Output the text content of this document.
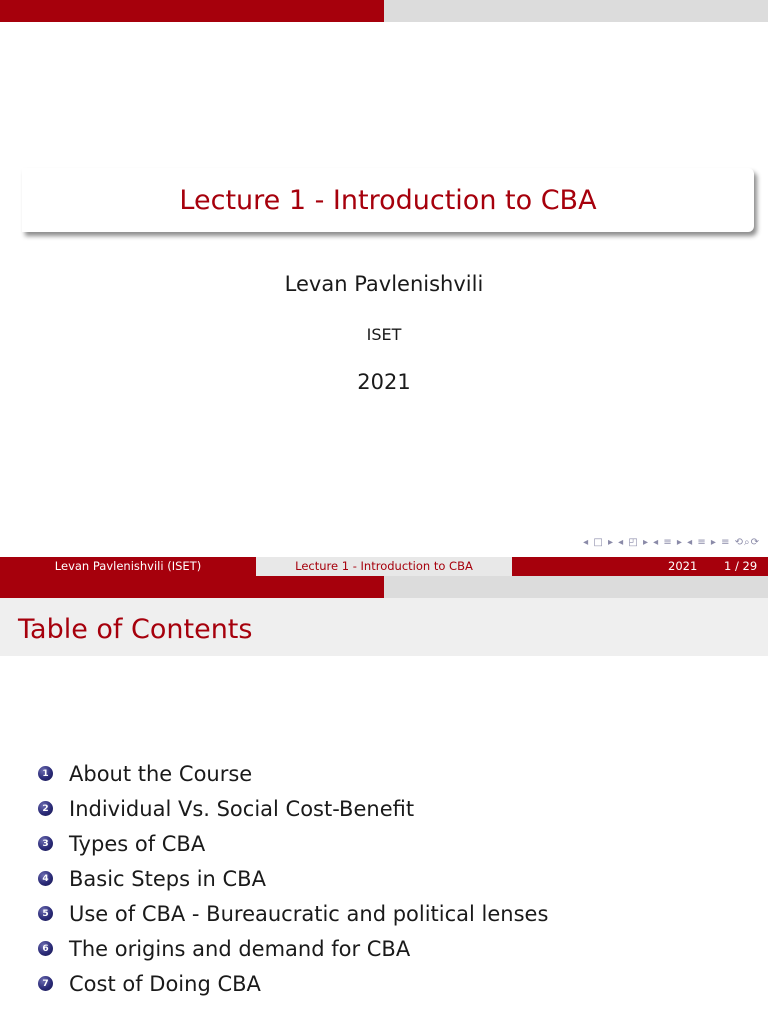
Lecture 1 - Introduction to CBA
Levan Pavlenishvili
ISET
2021
◂ □ ▸ ◂ ◰ ▸ ◂ ≡ ▸ ◂ ≡ ▸ ≡ ⟲⌕⟳
Levan Pavlenishvili (ISET)	Lecture 1 - Introduction to CBA	2021 1 / 29
Table of Contents
1 About the Course
2 Individual Vs. Social Cost-Benefit
3 Types of CBA
4 Basic Steps in CBA
5 Use of CBA - Bureaucratic and political lenses
6 The origins and demand for CBA
7 Cost of Doing CBA
